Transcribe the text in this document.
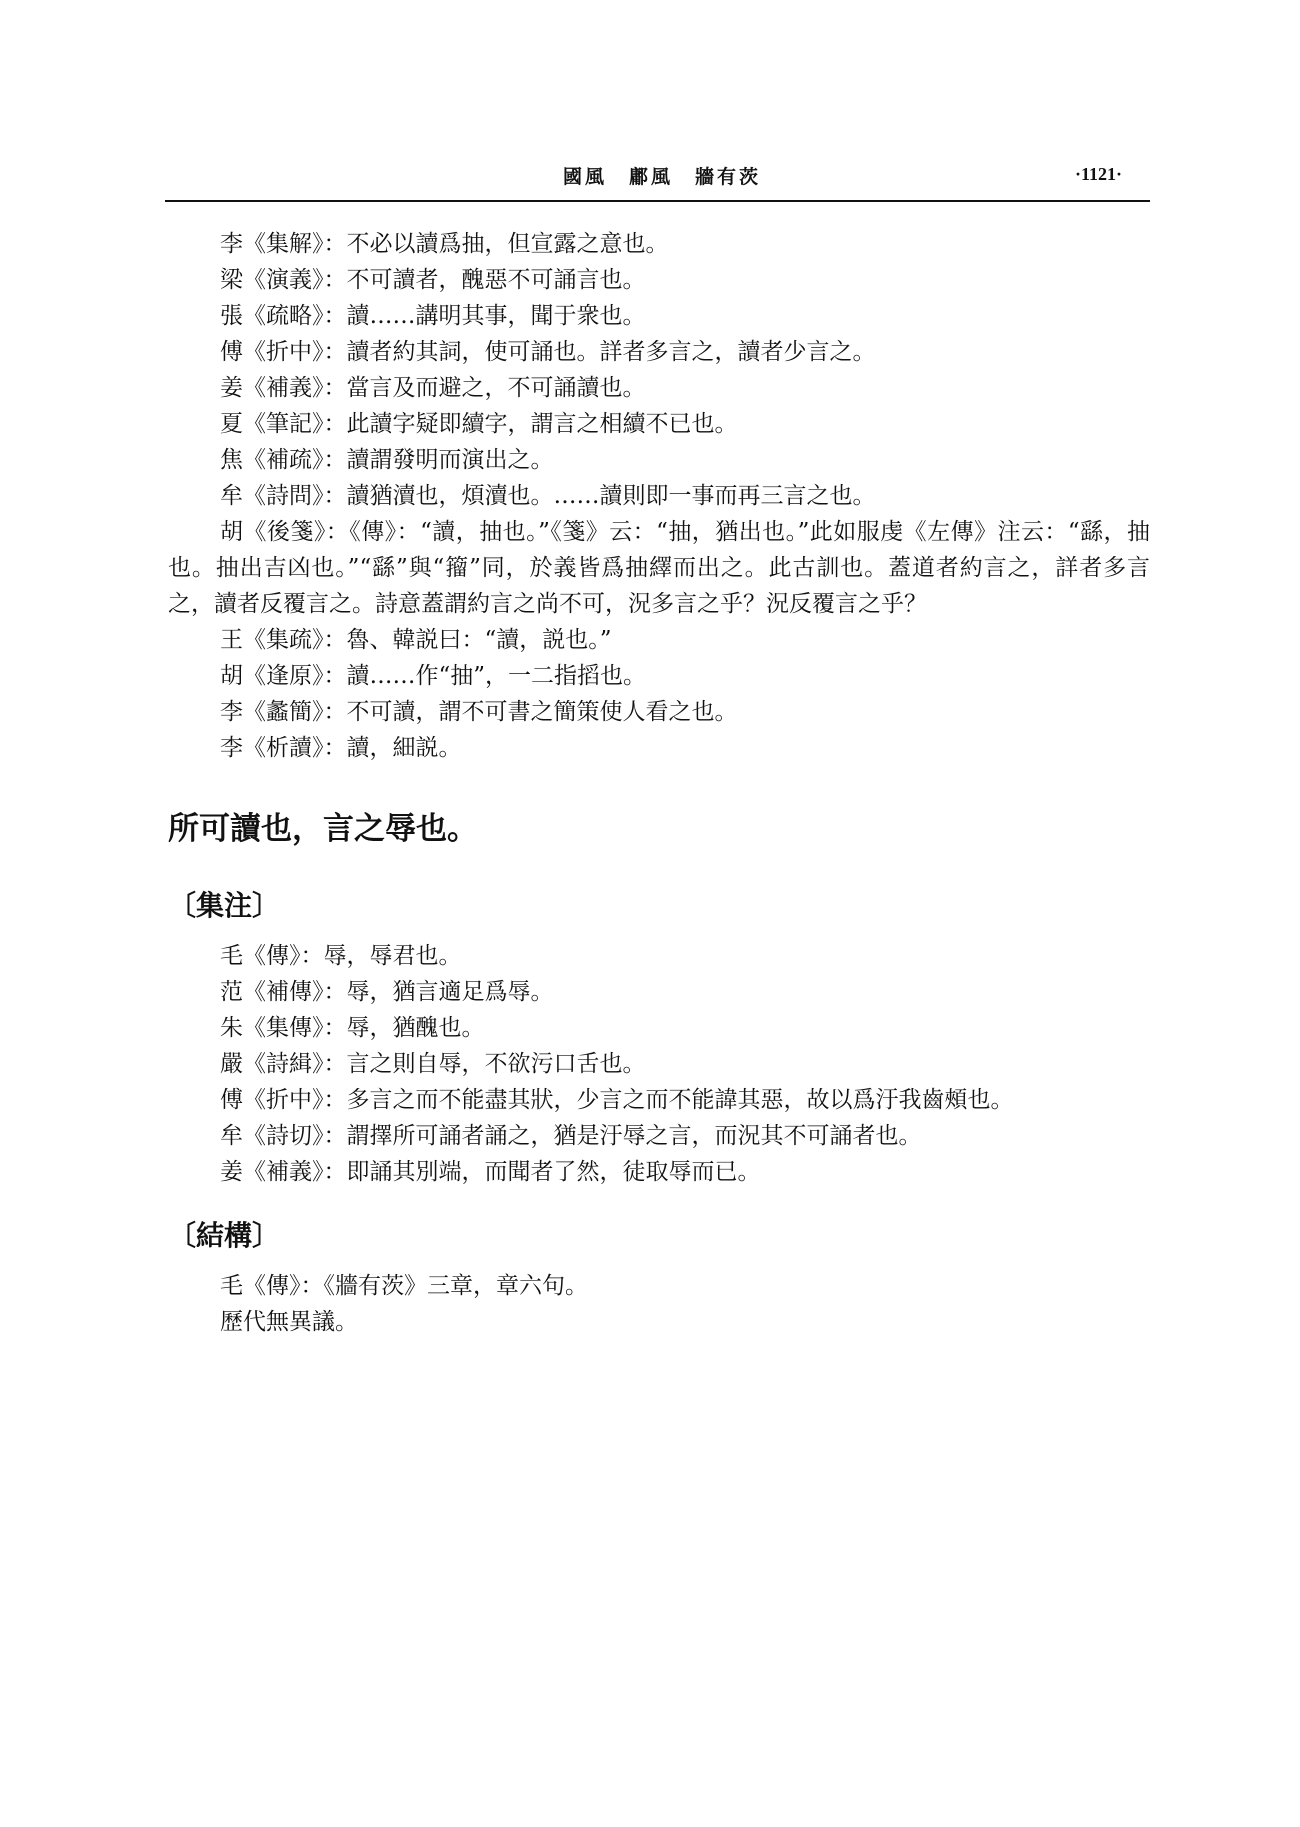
國風　鄘風　牆有茨	·1121·
李《集解》：不必以讀爲抽，但宣露之意也。
梁《演義》：不可讀者，醜惡不可誦言也。
張《疏略》：讀……講明其事，聞于衆也。
傅《折中》：讀者約其詞，使可誦也。詳者多言之，讀者少言之。
姜《補義》：當言及而避之，不可誦讀也。
夏《筆記》：此讀字疑即續字，謂言之相續不已也。
焦《補疏》：讀謂發明而演出之。
牟《詩問》：讀猶瀆也，煩瀆也。……讀則即一事而再三言之也。

胡《後箋》：《傳》：“讀，抽也。”《箋》云：“抽，猶出也。”此如服虔《左傳》注云：“繇，抽也。抽出吉凶也。”“繇”與“籀”同，於義皆爲抽繹而出之。此古訓也。蓋道者約言之，詳者多言之，讀者反覆言之。詩意蓋謂約言之尚不可，況多言之乎？況反覆言之乎？

王《集疏》：魯、韓説曰：“讀，説也。”
胡《逢原》：讀……作“抽”，一二指搯也。
李《蠡簡》：不可讀，謂不可書之簡策使人看之也。
李《析讀》：讀，細説。
所可讀也，言之辱也。
〔集注〕
毛《傳》：辱，辱君也。
范《補傳》：辱，猶言適足爲辱。
朱《集傳》：辱，猶醜也。
嚴《詩緝》：言之則自辱，不欲污口舌也。

傅《折中》：多言之而不能盡其狀，少言之而不能諱其惡，故以爲汙我齒頰也。

牟《詩切》：謂擇所可誦者誦之，猶是汙辱之言，而況其不可誦者也。
姜《補義》：即誦其別端，而聞者了然，徒取辱而已。
〔結構〕
毛《傳》：《牆有茨》三章，章六句。
歷代無異議。
